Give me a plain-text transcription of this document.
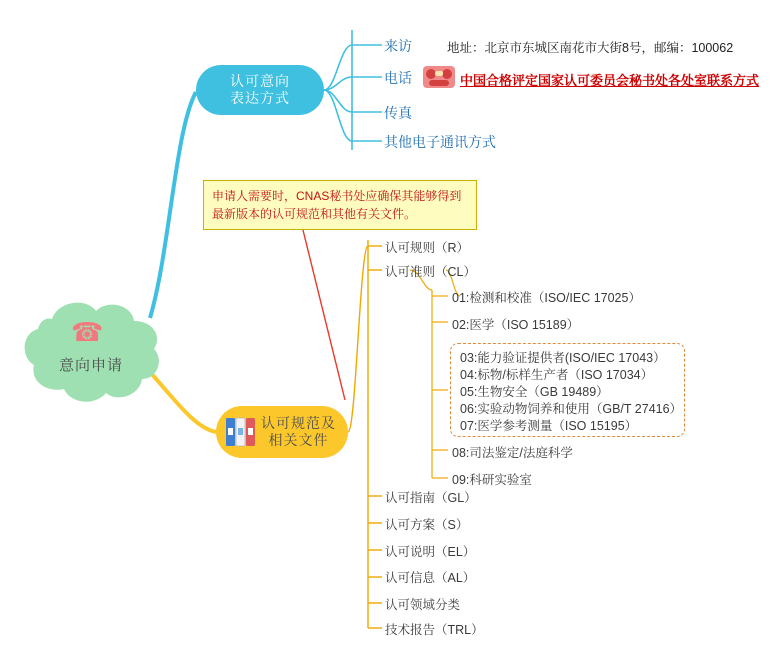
☎
意向申请
认可意向
表达方式
来访
电话
传真
其他电子通讯方式
地址：北京市东城区南花市大街8号，邮编：100062
中国合格评定国家认可委员会秘书处各处室联系方式
申请人需要时，CNAS秘书处应确保其能够得到
最新版本的认可规范和其他有关文件。
认可规范及
相关文件
认可规则（R）
认可准则（CL）
认可指南（GL）
认可方案（S）
认可说明（EL）
认可信息（AL）
认可领域分类
技术报告（TRL）
01:检测和校准（ISO/IEC 17025）
02:医学（ISO 15189）
03:能力验证提供者(ISO/IEC 17043）
04:标物/标样生产者（ISO 17034）
05:生物安全（GB 19489）
06:实验动物饲养和使用（GB/T 27416）
07:医学参考测量（ISO 15195）
08:司法鉴定/法庭科学
09:科研实验室
